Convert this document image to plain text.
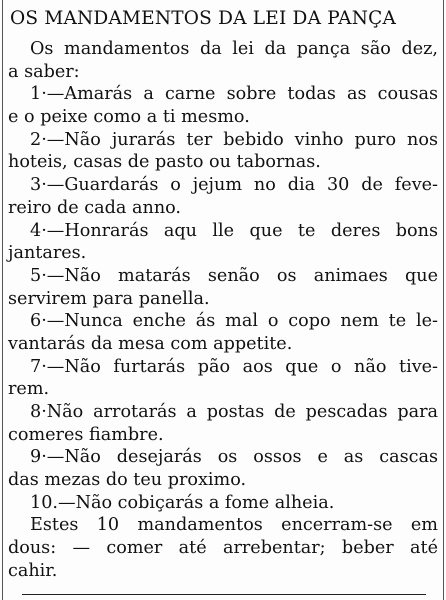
OS MANDAMENTOS DA LEI DA PANÇA
Os mandamentos da lei da pança são dez,
a saber:
1·—Amarás a carne sobre todas as cousas
e o peixe como a ti mesmo.
2·—Não jurarás ter bebido vinho puro nos
hoteis, casas de pasto ou tabornas.
3·—Guardarás o jejum no dia 30 de feve-
reiro de cada anno.
4·—Honrarás aqu lle que te deres bons
jantares.
5·—Não matarás senão os animaes que
servirem para panella.
6·—Nunca enche ás mal o copo nem te le-
vantarás da mesa com appetite.
7·—Não furtarás pão aos que o não tive-
rem.
8·Não arrotarás a postas de pescadas para
comeres fiambre.
9·—Não desejarás os ossos e as cascas
das mezas do teu proximo.
10.—Não cobiçarás a fome alheia.
Estes 10 mandamentos encerram-se em
dous: — comer até arrebentar; beber até
cahir.
